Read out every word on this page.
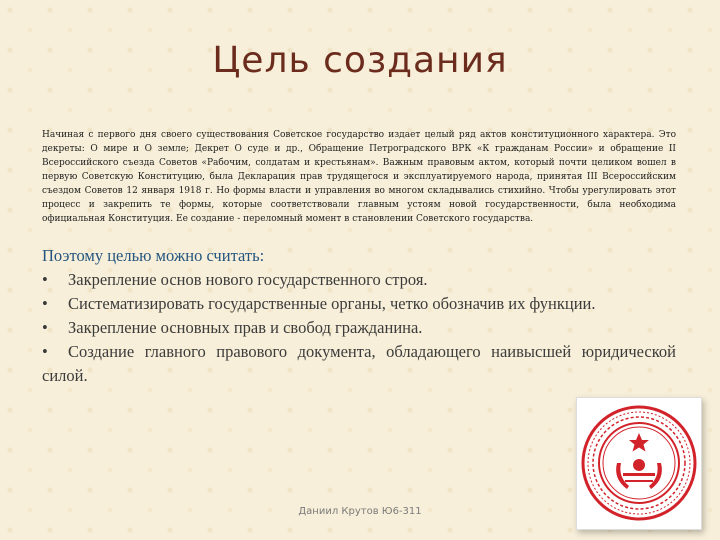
Цель создания
Начиная с первого дня своего существования Советское государство издает целый ряд актов конституционного характера. Это декреты: О мире и О земле; Декрет О суде и др., Обращение Петроградского ВРК «К гражданам России» и обращение II Всероссийского съезда Советов «Рабочим, солдатам и крестьянам». Важным правовым актом, который почти целиком вошел в первую Советскую Конституцию, была Декларация прав трудящегося и эксплуатируемого народа, принятая III Всероссийским съездом Советов 12 января 1918 г. Но формы власти и управления во многом складывались стихийно. Чтобы урегулировать этот процесс и закрепить те формы, которые соответствовали главным устоям новой государственности, была необходима официальная Конституция. Ее создание - переломный момент в становлении Советского государства.
Поэтому целью можно считать:
• Закрепление основ нового государственного строя.
• Систематизировать государственные органы, четко обозначив их функции.
• Закрепление основных прав и свобод гражданина.
• Создание главного правового документа, обладающего наивысшей юридической силой.
Даниил Крутов Ю6-311
